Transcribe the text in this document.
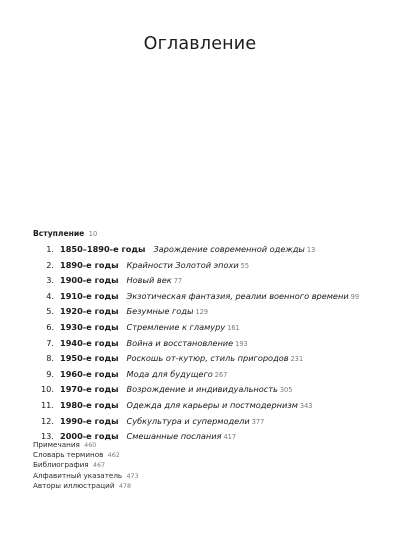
Оглавление
Вступление 10
1. 1850–1890-е годы Зарождение современной одежды 13
2. 1890-е годы Крайности Золотой эпохи 55
3. 1900-е годы Новый век 77
4. 1910-е годы Экзотическая фантазия, реалии военного времени 99
5. 1920-е годы Безумные годы 129
6. 1930-е годы Стремление к гламуру 161
7. 1940-е годы Война и восстановление 193
8. 1950-е годы Роскошь от-кутюр, стиль пригородов 231
9. 1960-е годы Мода для будущего 267
10. 1970-е годы Возрождение и индивидуальность 305
11. 1980-е годы Одежда для карьеры и постмодернизм 343
12. 1990-е годы Субкультура и супермодели 377
13. 2000-е годы Смешанные послания 417
Примечания 460
Словарь терминов 462
Библиография 467
Алфавитный указатель 473
Авторы иллюстраций 478
